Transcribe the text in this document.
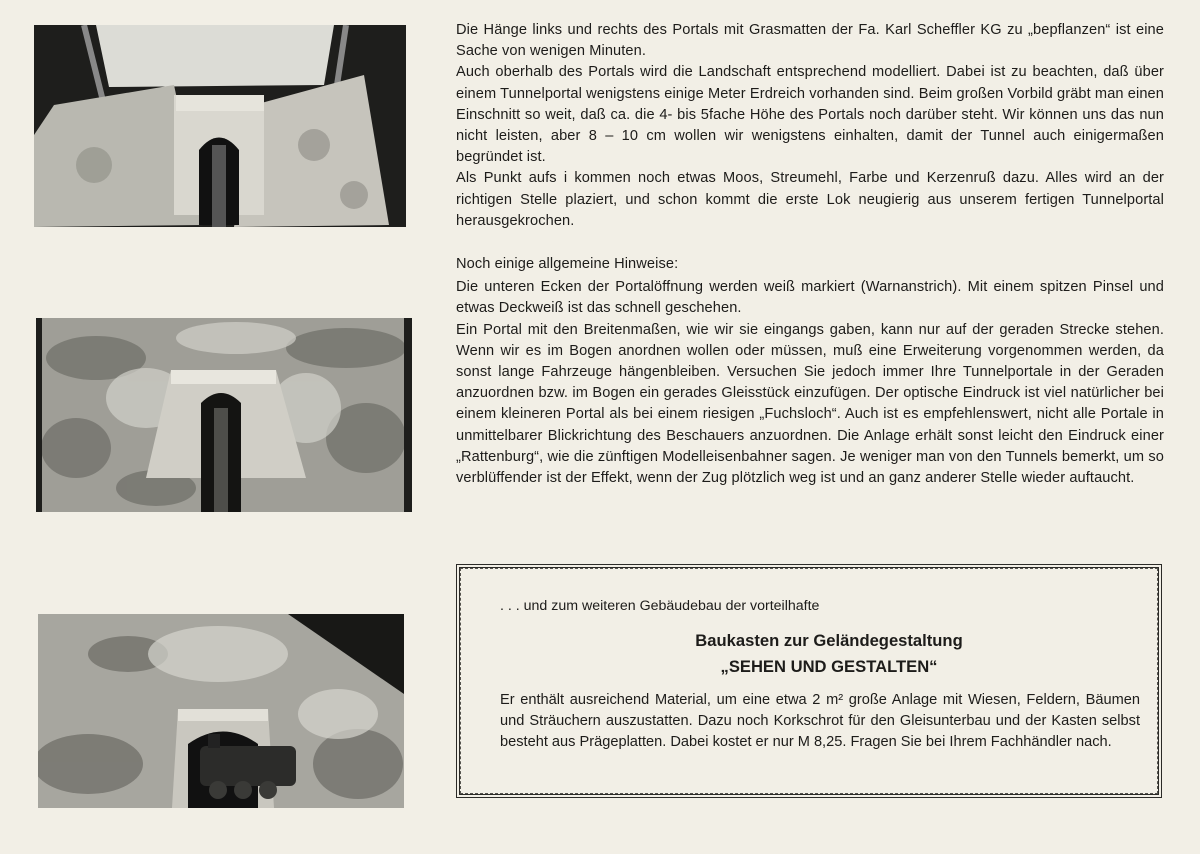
Die Hänge links und rechts des Portals mit Grasmatten der Fa. Karl Scheffler KG zu „bepflanzen“ ist eine Sache von wenigen Minuten.

Auch oberhalb des Portals wird die Landschaft entsprechend modelliert. Dabei ist zu beachten, daß über einem Tunnelportal wenigstens einige Meter Erdreich vorhanden sind. Beim großen Vorbild gräbt man einen Einschnitt so weit, daß ca. die 4- bis 5fache Höhe des Portals noch darüber steht. Wir können uns das nun nicht leisten, aber 8 – 10 cm wollen wir wenigstens einhalten, damit der Tunnel auch einigermaßen begründet ist.

Als Punkt aufs i kommen noch etwas Moos, Streumehl, Farbe und Kerzenruß dazu. Alles wird an der richtigen Stelle plaziert, und schon kommt die erste Lok neugierig aus unserem fertigen Tunnelportal herausgekrochen.

Noch einige allgemeine Hinweise:

Die unteren Ecken der Portalöffnung werden weiß markiert (Warnanstrich). Mit einem spitzen Pinsel und etwas Deckweiß ist das schnell geschehen.

Ein Portal mit den Breitenmaßen, wie wir sie eingangs gaben, kann nur auf der geraden Strecke stehen. Wenn wir es im Bogen anordnen wollen oder müssen, muß eine Erweiterung vorgenommen werden, da sonst lange Fahrzeuge hängenbleiben. Versuchen Sie jedoch immer Ihre Tunnelportale in der Geraden anzuordnen bzw. im Bogen ein gerades Gleisstück einzufügen. Der optische Eindruck ist viel natürlicher bei einem kleineren Portal als bei einem riesigen „Fuchsloch“. Auch ist es empfehlenswert, nicht alle Portale in unmittelbarer Blickrichtung des Beschauers anzuordnen. Die Anlage erhält sonst leicht den Eindruck einer „Rattenburg“, wie die zünftigen Modelleisenbahner sagen. Je weniger man von den Tunnels bemerkt, um so verblüffender ist der Effekt, wenn der Zug plötzlich weg ist und an ganz anderer Stelle wieder auftaucht.

. . . und zum weiteren Gebäudebau der vorteilhafte
Baukasten zur Geländegestaltung
„SEHEN UND GESTALTEN“

Er enthält ausreichend Material, um eine etwa 2 m² große Anlage mit Wiesen, Feldern, Bäumen und Sträuchern auszustatten. Dazu noch Korkschrot für den Gleisunterbau und der Kasten selbst besteht aus Prägeplatten. Dabei kostet er nur M 8,25. Fragen Sie bei Ihrem Fachhändler nach.
